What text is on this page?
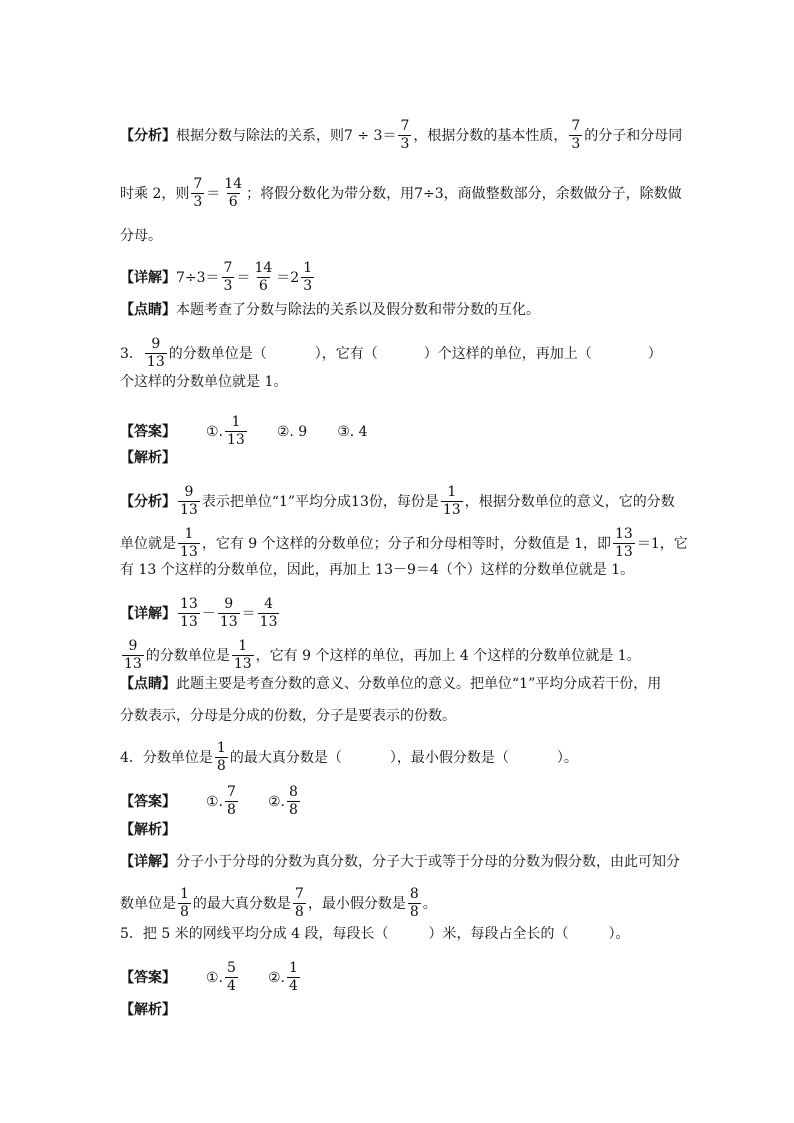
【分析】 根据分数与除法的关系，则$7 \div 3= \frac{7}{3}$ ，根据分数的基本性质， $\frac{7}{3}$ 的分子和分母同
时乘 2，则 $\frac{7}{3} = \frac{14}{6}$ ；将假分数化为带分数，用7÷3，商做整数部分，余数做分子，除数做
分母。
【详解】 $7\div 3= \frac{7}{3} = \frac{14}{6} =2 \frac{1}{3}$
【点睛】 本题考查了分数与除法的关系以及假分数和带分数的互化。
3． $\frac{9}{13}$ 的分数单位是（	），它有（	）个这样的单位，再加上（	）
个这样的分数单位就是 1。
【答案】 ①. $\frac{1}{13}$ ②. 9 ③. 4
【解析】
【分析】 $\frac{9}{13}$ 表示把单位“1”平均分成13份，每份是 $\frac{1}{13}$ ，根据分数单位的意义，它的分数
单位就是 $\frac{1}{13}$ ，它有 9 个这样的分数单位；分子和分母相等时，分数值是 1，即 $\frac{13}{13} =1$，它
有 13 个这样的分数单位，因此，再加上 13－9＝4（个）这样的分数单位就是 1。
【详解】 $\frac{13}{13} - \frac{9}{13} = \frac{4}{13}$
$\frac{9}{13}$ 的分数单位是 $\frac{1}{13}$ ，它有 9 个这样的单位，再加上 4 个这样的分数单位就是 1。
【点睛】 此题主要是考查分数的意义、分数单位的意义。把单位“1”平均分成若干份，用
分数表示，分母是分成的份数，分子是要表示的份数。
4．分数单位是 $\frac{1}{8}$ 的最大真分数是（	），最小假分数是（	）。
【答案】 ①. $\frac{7}{8}$ ②. $\frac{8}{8}$
【解析】
【详解】 分子小于分母的分数为真分数，分子大于或等于分母的分数为假分数，由此可知分
数单位是 $\frac{1}{8}$ 的最大真分数是 $\frac{7}{8}$ ，最小假分数是 $\frac{8}{8}$ 。
5．把 5 米的网线平均分成 4 段，每段长（	）米，每段占全长的（	）。
【答案】 ①. $\frac{5}{4}$ ②. $\frac{1}{4}$
【解析】
